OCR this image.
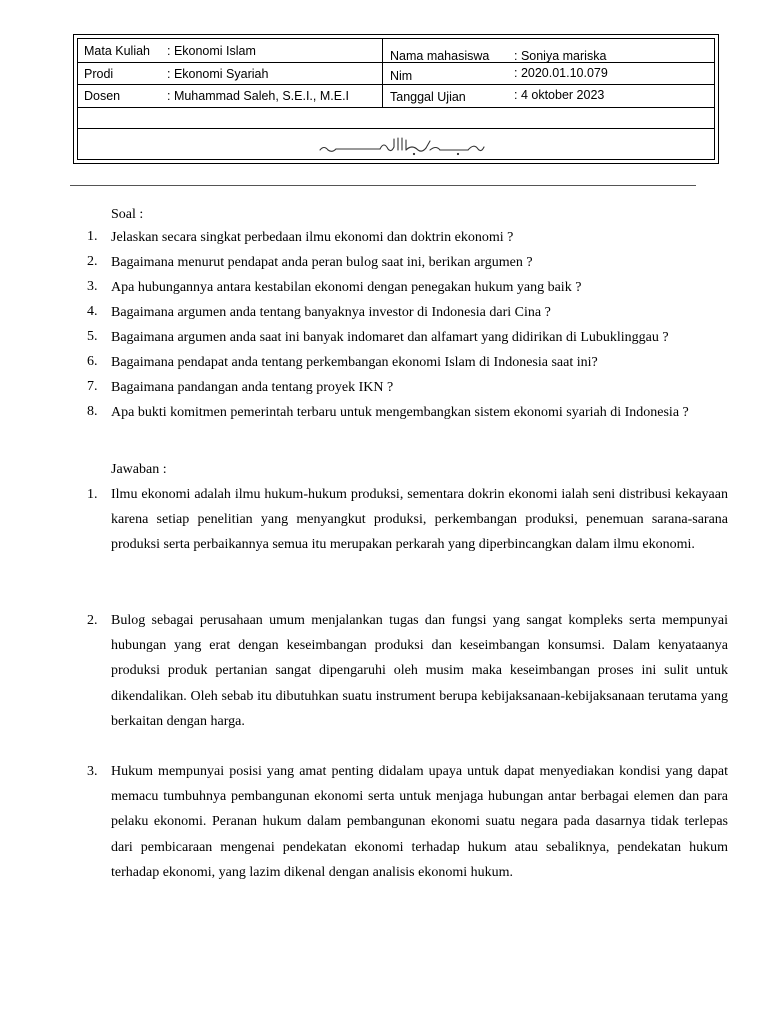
Mata Kuliah : Ekonomi Islam
Prodi	: Ekonomi Syariah
Dosen	: Muhammad Saleh, S.E.I., M.E.I
Nama mahasiswa : Soniya mariska
Nim	: 2020.01.10.079
Tanggal Ujian	: 4 oktober 2023
Soal :
1. Jelaskan secara singkat perbedaan ilmu ekonomi dan doktrin ekonomi ?
2. Bagaimana menurut pendapat anda peran bulog saat ini, berikan argumen ?
3. Apa hubungannya antara kestabilan ekonomi dengan penegakan hukum yang baik ?
4. Bagaimana argumen anda tentang banyaknya investor di Indonesia dari Cina ?
5. Bagaimana argumen anda saat ini banyak indomaret dan alfamart yang didirikan di Lubuklinggau ?
6. Bagaimana pendapat anda tentang perkembangan ekonomi Islam di Indonesia saat ini?
7. Bagaimana pandangan anda tentang proyek IKN ?
8. Apa bukti komitmen pemerintah terbaru untuk mengembangkan sistem ekonomi syariah di Indonesia ?
Jawaban :
1. Ilmu ekonomi adalah ilmu hukum-hukum produksi, sementara dokrin ekonomi ialah seni distribusi kekayaan karena setiap penelitian yang menyangkut produksi, perkembangan produksi, penemuan sarana-sarana produksi serta perbaikannya semua itu merupakan perkarah yang diperbincangkan dalam ilmu ekonomi.
2. Bulog sebagai perusahaan umum menjalankan tugas dan fungsi yang sangat kompleks serta mempunyai hubungan yang erat dengan keseimbangan produksi dan keseimbangan konsumsi. Dalam kenyataanya produksi produk pertanian sangat dipengaruhi oleh musim maka keseimbangan proses ini sulit untuk dikendalikan. Oleh sebab itu dibutuhkan suatu instrument berupa kebijaksanaan-kebijaksanaan terutama yang berkaitan dengan harga.
3. Hukum mempunyai posisi yang amat penting didalam upaya untuk dapat menyediakan kondisi yang dapat memacu tumbuhnya pembangunan ekonomi serta untuk menjaga hubungan antar berbagai elemen dan para pelaku ekonomi. Peranan hukum dalam pembangunan ekonomi suatu negara pada dasarnya tidak terlepas dari pembicaraan mengenai pendekatan ekonomi terhadap hukum atau sebaliknya, pendekatan hukum terhadap ekonomi, yang lazim dikenal dengan analisis ekonomi hukum.
